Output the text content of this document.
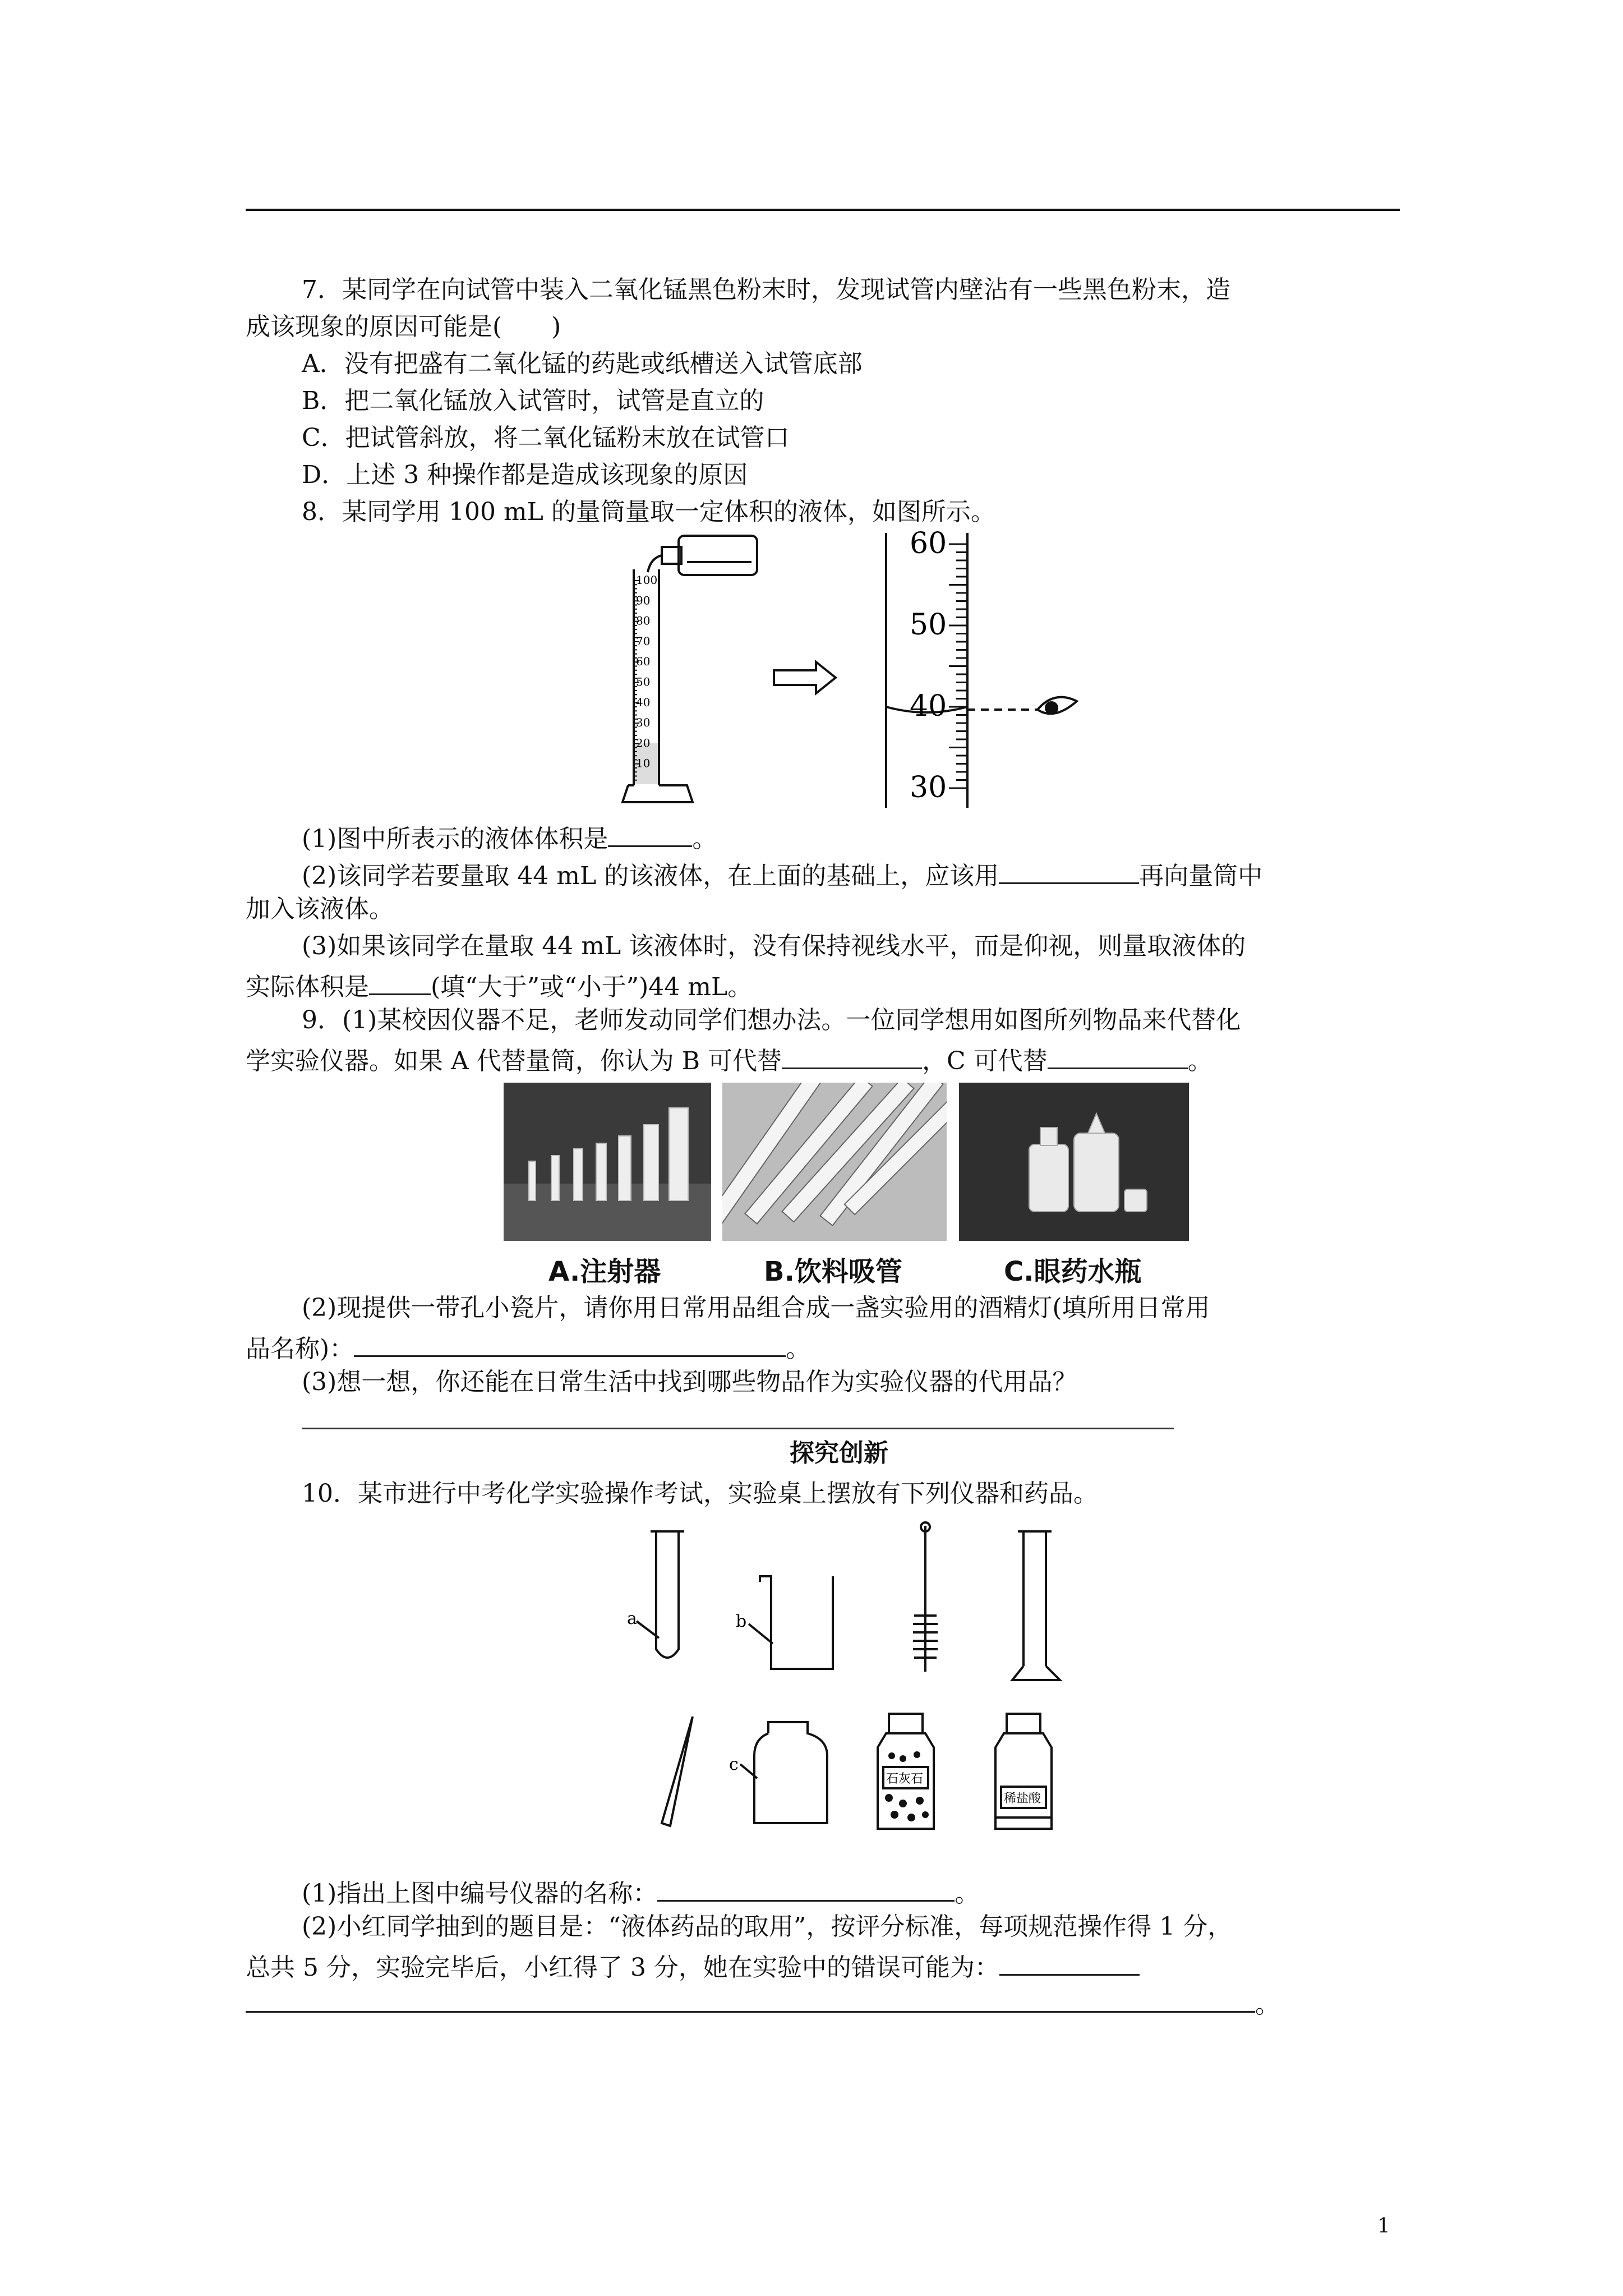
7．某同学在向试管中装入二氧化锰黑色粉末时，发现试管内壁沾有一些黑色粉末，造
成该现象的原因可能是(　　)
A．没有把盛有二氧化锰的药匙或纸槽送入试管底部
B．把二氧化锰放入试管时，试管是直立的
C．把试管斜放，将二氧化锰粉末放在试管口
D．上述 3 种操作都是造成该现象的原因
8．某同学用 100 mL 的量筒量取一定体积的液体，如图所示。
100
90
80
70
60
50
40
30
20
10
60
50
40
30
(1)图中所表示的液体体积是	。
(2)该同学若要量取 44 mL 的该液体，在上面的基础上，应该用	再向量筒中
加入该液体。
(3)如果该同学在量取 44 mL 该液体时，没有保持视线水平，而是仰视，则量取液体的
实际体积是	(填“大于”或“小于”)44 mL。
9．(1)某校因仪器不足，老师发动同学们想办法。一位同学想用如图所列物品来代替化
学实验仪器。如果 A 代替量筒，你认为 B 可代替	，C 可代替	。
A.注射器	B.饮料吸管	C.眼药水瓶
(2)现提供一带孔小瓷片，请你用日常用品组合成一盏实验用的酒精灯(填所用日常用
品名称)：	。
(3)想一想，你还能在日常生活中找到哪些物品作为实验仪器的代用品？
探究创新
10．某市进行中考化学实验操作考试，实验桌上摆放有下列仪器和药品。
a	b
c
石灰石
稀盐酸
(1)指出上图中编号仪器的名称：	。
(2)小红同学抽到的题目是：“液体药品的取用”，按评分标准，每项规范操作得 1 分，
总共 5 分，实验完毕后，小红得了 3 分，她在实验中的错误可能为：
。
1
